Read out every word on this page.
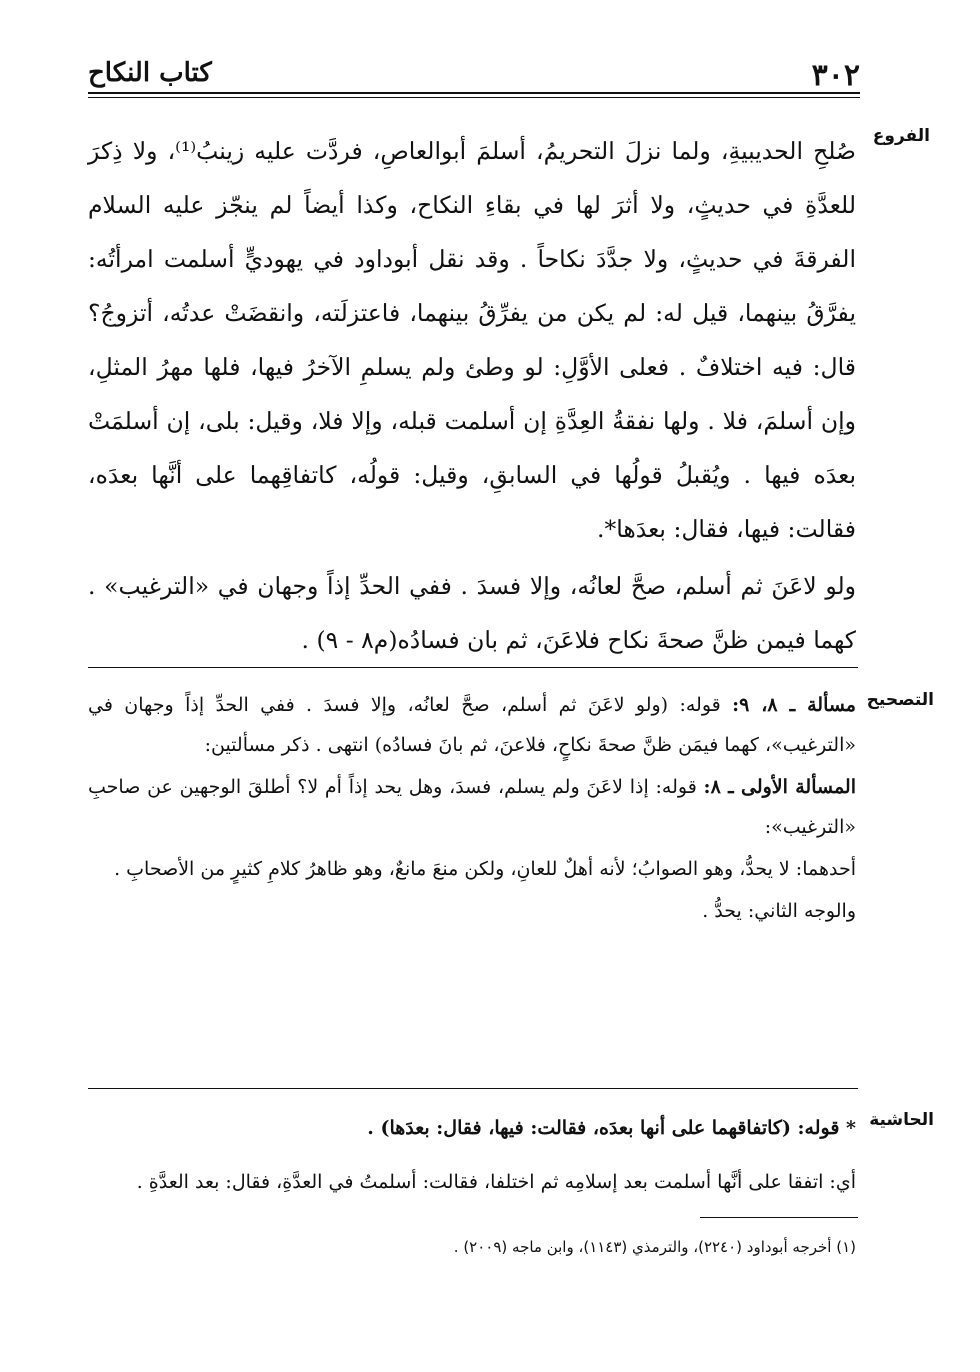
٣٠٢
كتاب النكاح
الفروع

صُلحِ الحديبيةِ، ولما نزلَ التحريمُ، أسلمَ أبوالعاصِ، فردَّت عليه زينبُ⁽¹⁾، ولا ذِكرَ للعدَّةِ في حديثٍ، ولا أثرَ لها في بقاءِ النكاح، وكذا أيضاً لم ينجّز عليه السلام الفرقةَ في حديثٍ، ولا جدَّدَ نكاحاً . وقد نقل أبوداود في يهوديٍّ أسلمت امرأتُه: يفرَّقُ بينهما، قيل له: لم يكن من يفرِّقُ بينهما، فاعتزلَته، وانقضَتْ عدتُه، أتزوجُ؟ قال: فيه اختلافٌ . فعلى الأوَّلِ: لو وطئ ولم يسلمِ الآخرُ فيها، فلها مهرُ المثلِ، وإن أسلمَ، فلا . ولها نفقةُ العِدَّةِ إن أسلمت قبله، وإلا فلا، وقيل: بلى، إن أسلمَتْ بعدَه فيها . ويُقبلُ قولُها في السابقِ، وقيل: قولُه، كاتفاقِهما على أنَّها بعدَه، فقالت: فيها، فقال: بعدَها*.

ولو لاعَنَ ثم أسلم، صحَّ لعانُه، وإلا فسدَ . ففي الحدِّ إذاً وجهان في «الترغيب» . كهما فيمن ظنَّ صحةَ نكاح فلاعَنَ، ثم بان فسادُه(م٨ - ٩) .

التصحيح

مسألة ـ ٨، ٩: قوله: (ولو لاعَنَ ثم أسلم، صحَّ لعانُه، وإلا فسدَ . ففي الحدِّ إذاً وجهان في «الترغيب»، كهما فيمَن ظنَّ صحةَ نكاحٍ، فلاعنَ، ثم بانَ فسادُه) انتهى . ذكر مسألتين:

المسألة الأولى ـ ٨: قوله: إذا لاعَنَ ولم يسلم، فسدَ، وهل يحد إذاً أم لا؟ أطلقَ الوجهين عن صاحبِ «الترغيب»:

أحدهما: لا يحدُّ، وهو الصوابُ؛ لأنه أهلٌ للعانِ، ولكن منعَ مانعٌ، وهو ظاهرُ كلامِ كثيرٍ من الأصحابِ .

والوجه الثاني: يحدُّ .

الحاشية

* قوله: (كاتفاقهما على أنها بعدَه، فقالت: فيها، فقال: بعدَها) .

أي: اتفقا على أنَّها أسلمت بعد إسلامِه ثم اختلفا، فقالت: أسلمتُ في العدَّةِ، فقال: بعد العدَّةِ .

(١) أخرجه أبوداود (٢٢٤٠)، والترمذي (١١٤٣)، وابن ماجه (٢٠٠٩) .
